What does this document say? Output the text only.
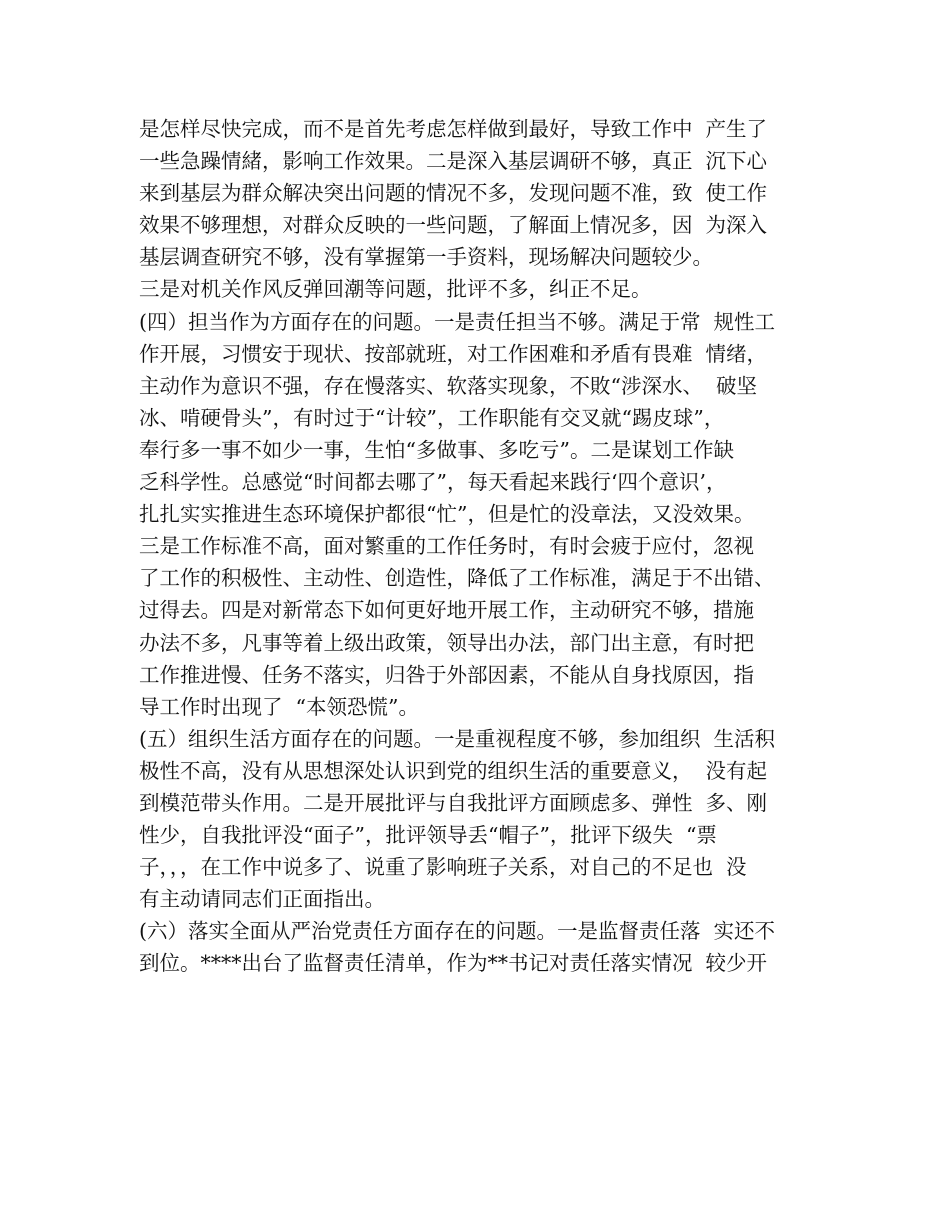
是怎样尽快完成，而不是首先考虑怎样做到最好，导致工作中  产生了
一些急躁情緒，影响工作效果。二是深入基层调研不够，真正  沉下心
来到基层为群众解决突出问题的情况不多，发现问题不准，致  使工作
效果不够理想，对群众反映的一些问题，了解面上情况多，因  为深入
基层调查研究不够，没有掌握第一手资料，现场解决问题较少。
三是对机关作风反弹回潮等问题，批评不多，纠正不足。
(四）担当作为方面存在的问题。一是责任担当不够。满足于常  规性工
作开展，习惯安于现状、按部就班，对工作困难和矛盾有畏难  情绪，
主动作为意识不强，存在慢落实、软落实现象，不敗“涉深水、  破坚
冰、啃硬骨头”，有时过于“计较”，工作职能有交叉就“踢皮球”，
奉行多一事不如少一事，生怕“多做事、多吃亏”。二是谋划工作缺
乏科学性。总感觉“时间都去哪了”，每天看起来践行‘四个意识’，
扎扎实实推进生态环境保护都很“忙”，但是忙的没章法，又没效果。
三是工作标准不高，面对繁重的工作任务时，有时会疲于应付，忽视
了工作的积极性、主动性、创造性，降低了工作标准，满足于不出错、
过得去。四是对新常态下如何更好地开展工作，主动研究不够，措施
办法不多，凡事等着上级出政策，领导出办法，部门出主意，有时把
工作推进慢、任务不落实，归咎于外部因素，不能从自身找原因，指
导工作时出现了  “本领恐慌”。
(五）组织生活方面存在的问题。一是重视程度不够，参加组织  生活积
极性不高，没有从思想深处认识到党的组织生活的重要意义，  没有起
到模范带头作用。二是开展批评与自我批评方面顾虑多、弹性  多、刚
性少，自我批评没“面子”，批评领导丢“帽子”，批评下级失  “票
子，，，在工作中说多了、说重了影响班子关系，对自己的不足也  没
有主动请同志们正面指出。
(六）落实全面从严治党责任方面存在的问题。一是监督责任落  实还不
到位。****出台了监督责任清单，作为**书记对责任落实情况  较少开
